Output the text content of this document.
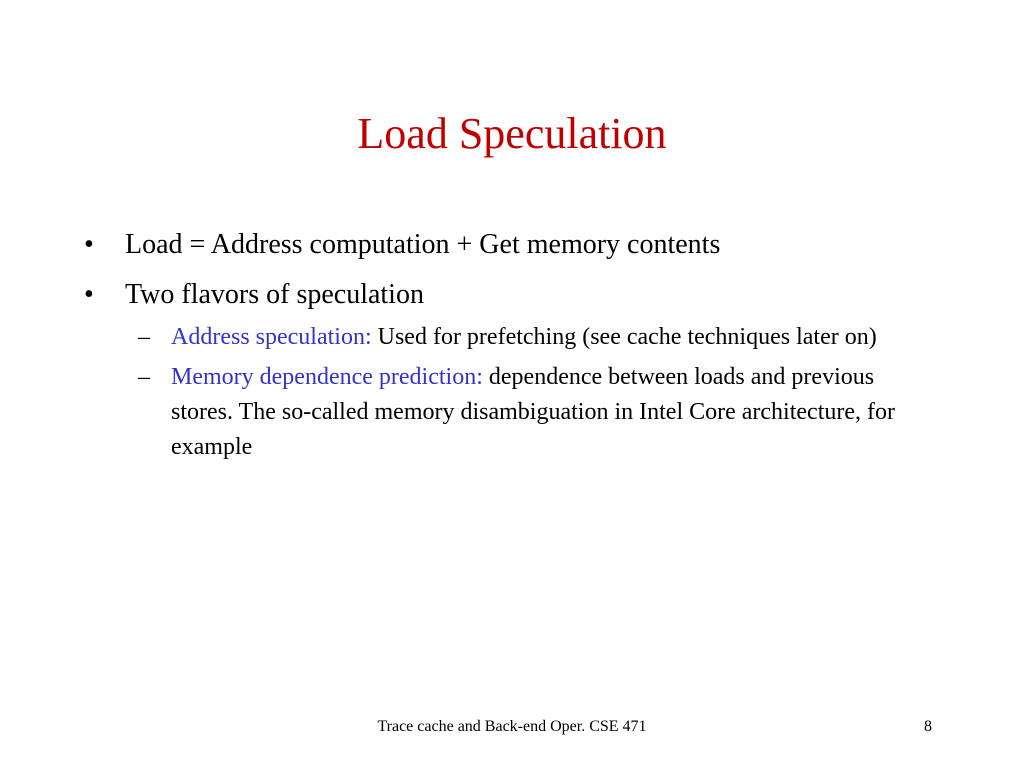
Load Speculation
• Load = Address computation + Get memory contents
• Two flavors of speculation
– Address speculation: Used for prefetching (see cache techniques later on)
– Memory dependence prediction: dependence between loads and previous stores. The so-called memory disambiguation in Intel Core architecture, for example
Trace cache and Back-end Oper. CSE 471	8
